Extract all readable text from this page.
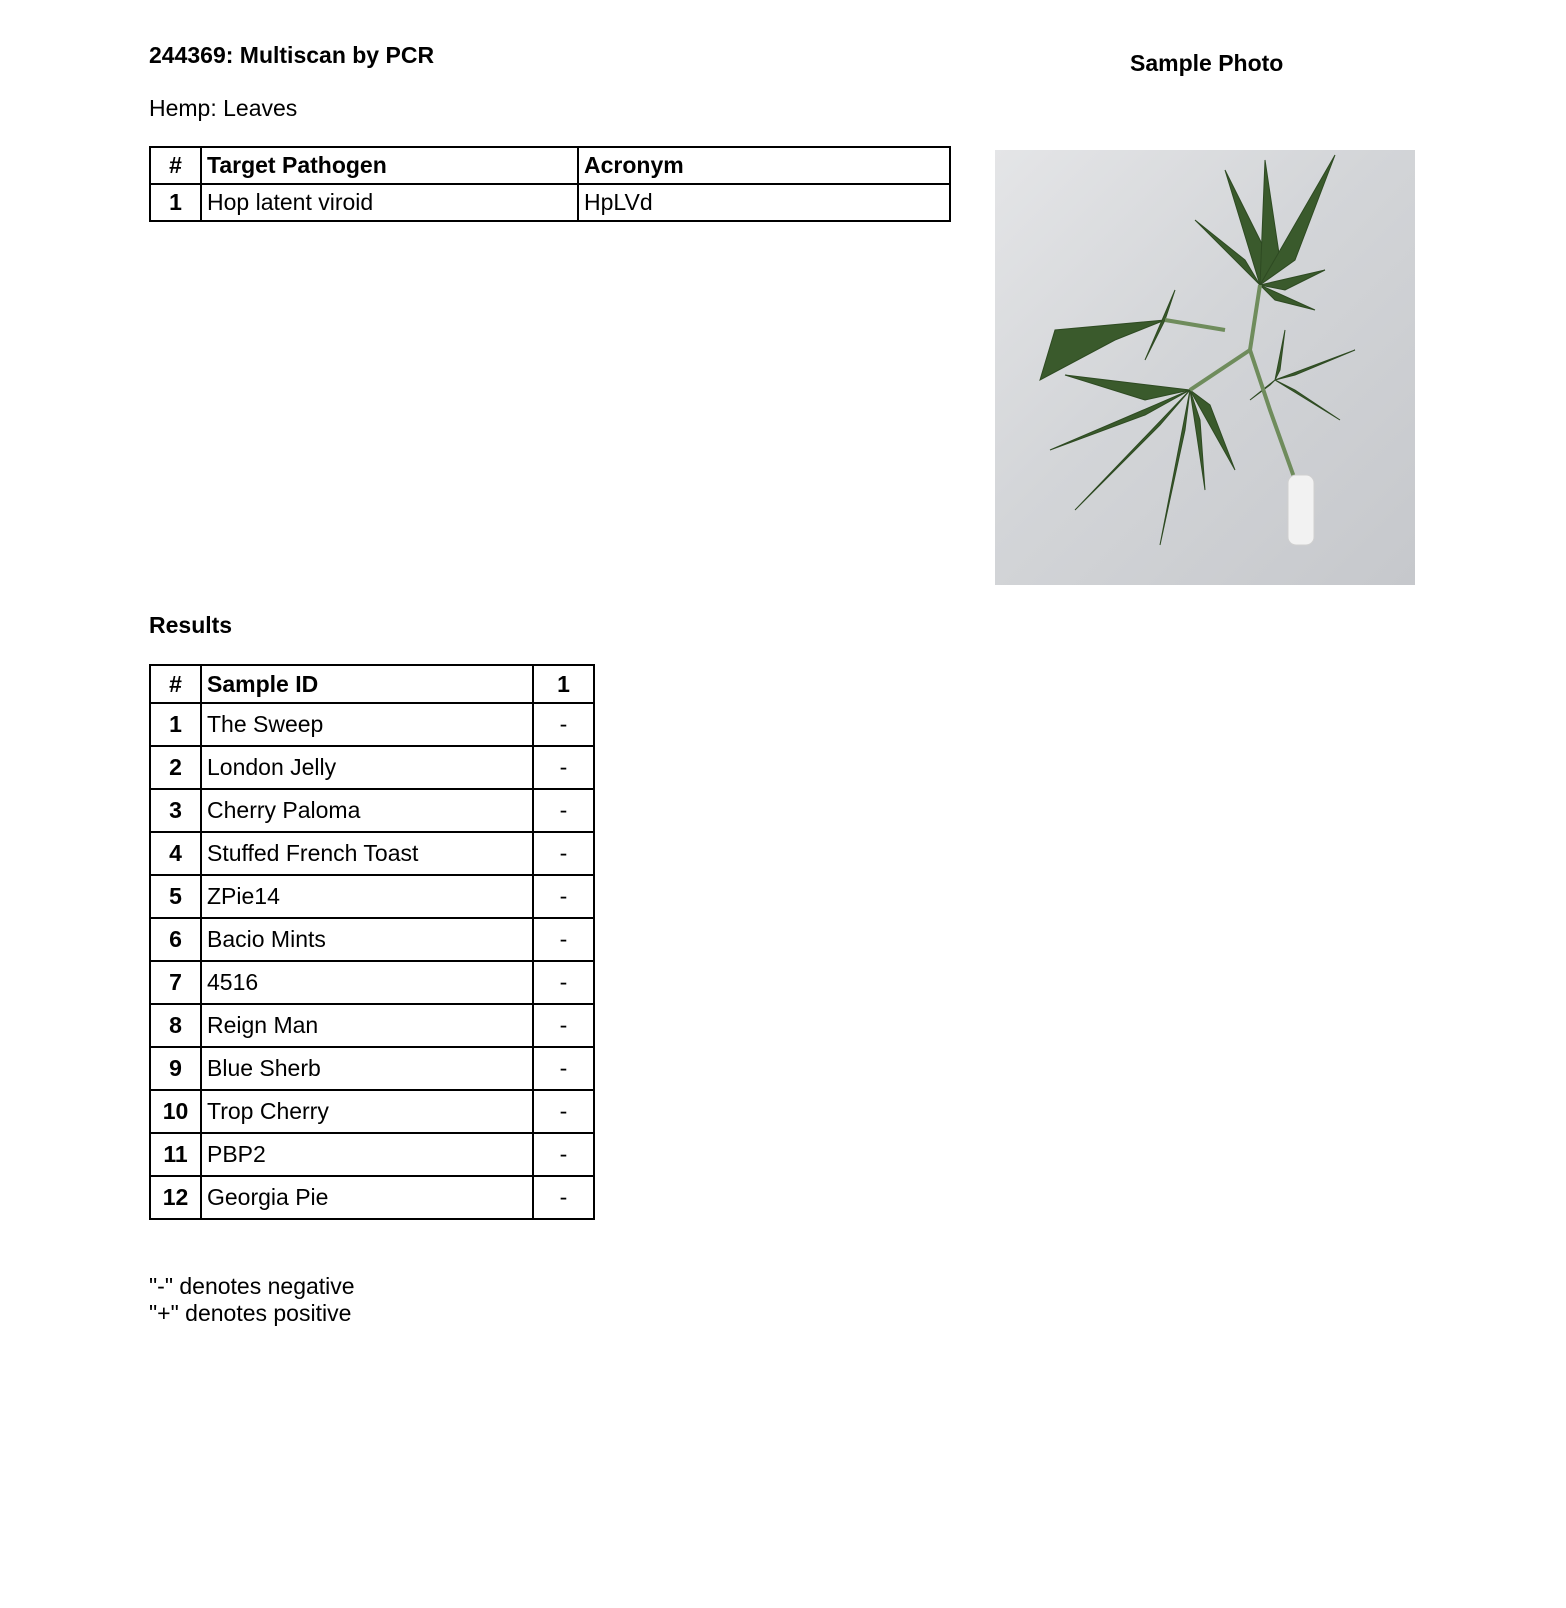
244369: Multiscan by PCR
Hemp: Leaves
Sample Photo
#	Target Pathogen	Acronym
1	Hop latent viroid	HpLVd
Results
#	Sample ID	1
1	The Sweep	-
2	London Jelly	-
3	Cherry Paloma	-
4	Stuffed French Toast	-
5	ZPie14	-
6	Bacio Mints	-
7	4516	-
8	Reign Man	-
9	Blue Sherb	-
10	Trop Cherry	-
11	PBP2	-
12	Georgia Pie	-
"-" denotes negative
"+" denotes positive
